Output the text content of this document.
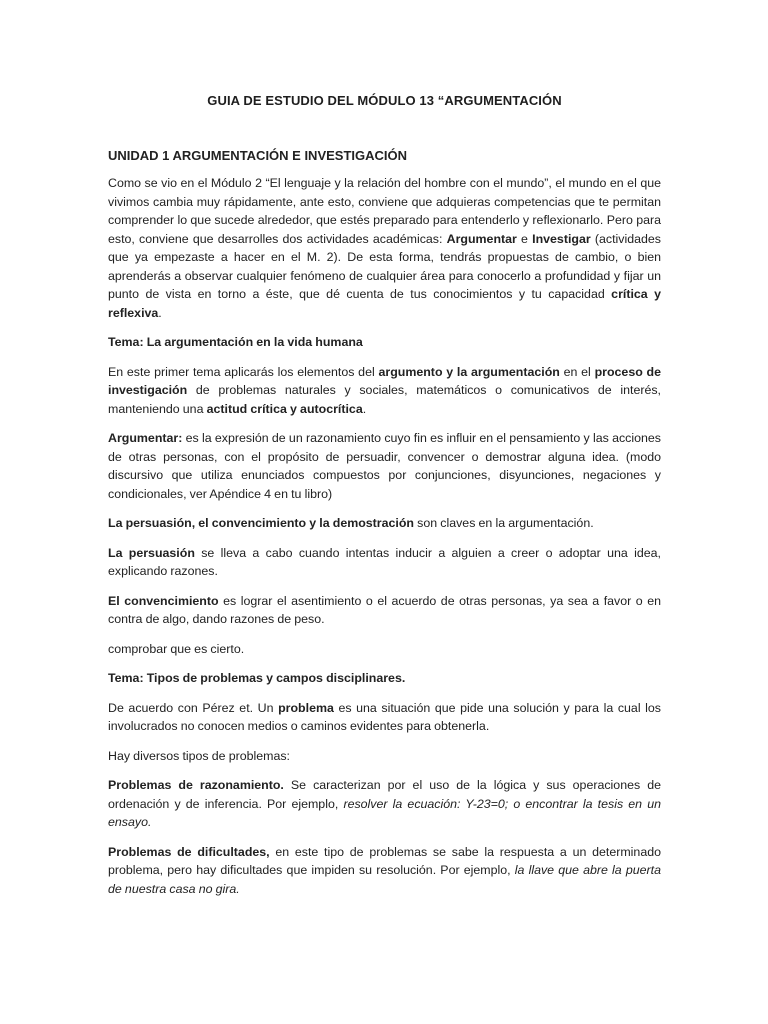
GUIA DE ESTUDIO DEL MÓDULO 13 “ARGUMENTACIÓN
UNIDAD 1 ARGUMENTACIÓN E INVESTIGACIÓN

Como se vio en el Módulo 2 “El lenguaje y la relación del hombre con el mundo”, el mundo en el que vivimos cambia muy rápidamente, ante esto, conviene que adquieras competencias que te permitan comprender lo que sucede alrededor, que estés preparado para entenderlo y reflexionarlo. Pero para esto, conviene que desarrolles dos actividades académicas: Argumentar e Investigar (actividades que ya empezaste a hacer en el M. 2). De esta forma, tendrás propuestas de cambio, o bien aprenderás a observar cualquier fenómeno de cualquier área para conocerlo a profundidad y fijar un punto de vista en torno a éste, que dé cuenta de tus conocimientos y tu capacidad crítica y reflexiva.

Tema: La argumentación en la vida humana

En este primer tema aplicarás los elementos del argumento y la argumentación en el proceso de investigación de problemas naturales y sociales, matemáticos o comunicativos de interés, manteniendo una actitud crítica y autocrítica.

Argumentar: es la expresión de un razonamiento cuyo fin es influir en el pensamiento y las acciones de otras personas, con el propósito de persuadir, convencer o demostrar alguna idea. (modo discursivo que utiliza enunciados compuestos por conjunciones, disyunciones, negaciones y condicionales, ver Apéndice 4 en tu libro)

La persuasión, el convencimiento y la demostración son claves en la argumentación.

La persuasión se lleva a cabo cuando intentas inducir a alguien a creer o adoptar una idea, explicando razones.

El convencimiento es lograr el asentimiento o el acuerdo de otras personas, ya sea a favor o en contra de algo, dando razones de peso.

comprobar que es cierto.

Tema: Tipos de problemas y campos disciplinares.

De acuerdo con Pérez et. Un problema es una situación que pide una solución y para la cual los involucrados no conocen medios o caminos evidentes para obtenerla.

Hay diversos tipos de problemas:

Problemas de razonamiento. Se caracterizan por el uso de la lógica y sus operaciones de ordenación y de inferencia. Por ejemplo, resolver la ecuación: Y-23=0; o encontrar la tesis en un ensayo.

Problemas de dificultades, en este tipo de problemas se sabe la respuesta a un determinado problema, pero hay dificultades que impiden su resolución. Por ejemplo, la llave que abre la puerta de nuestra casa no gira.
